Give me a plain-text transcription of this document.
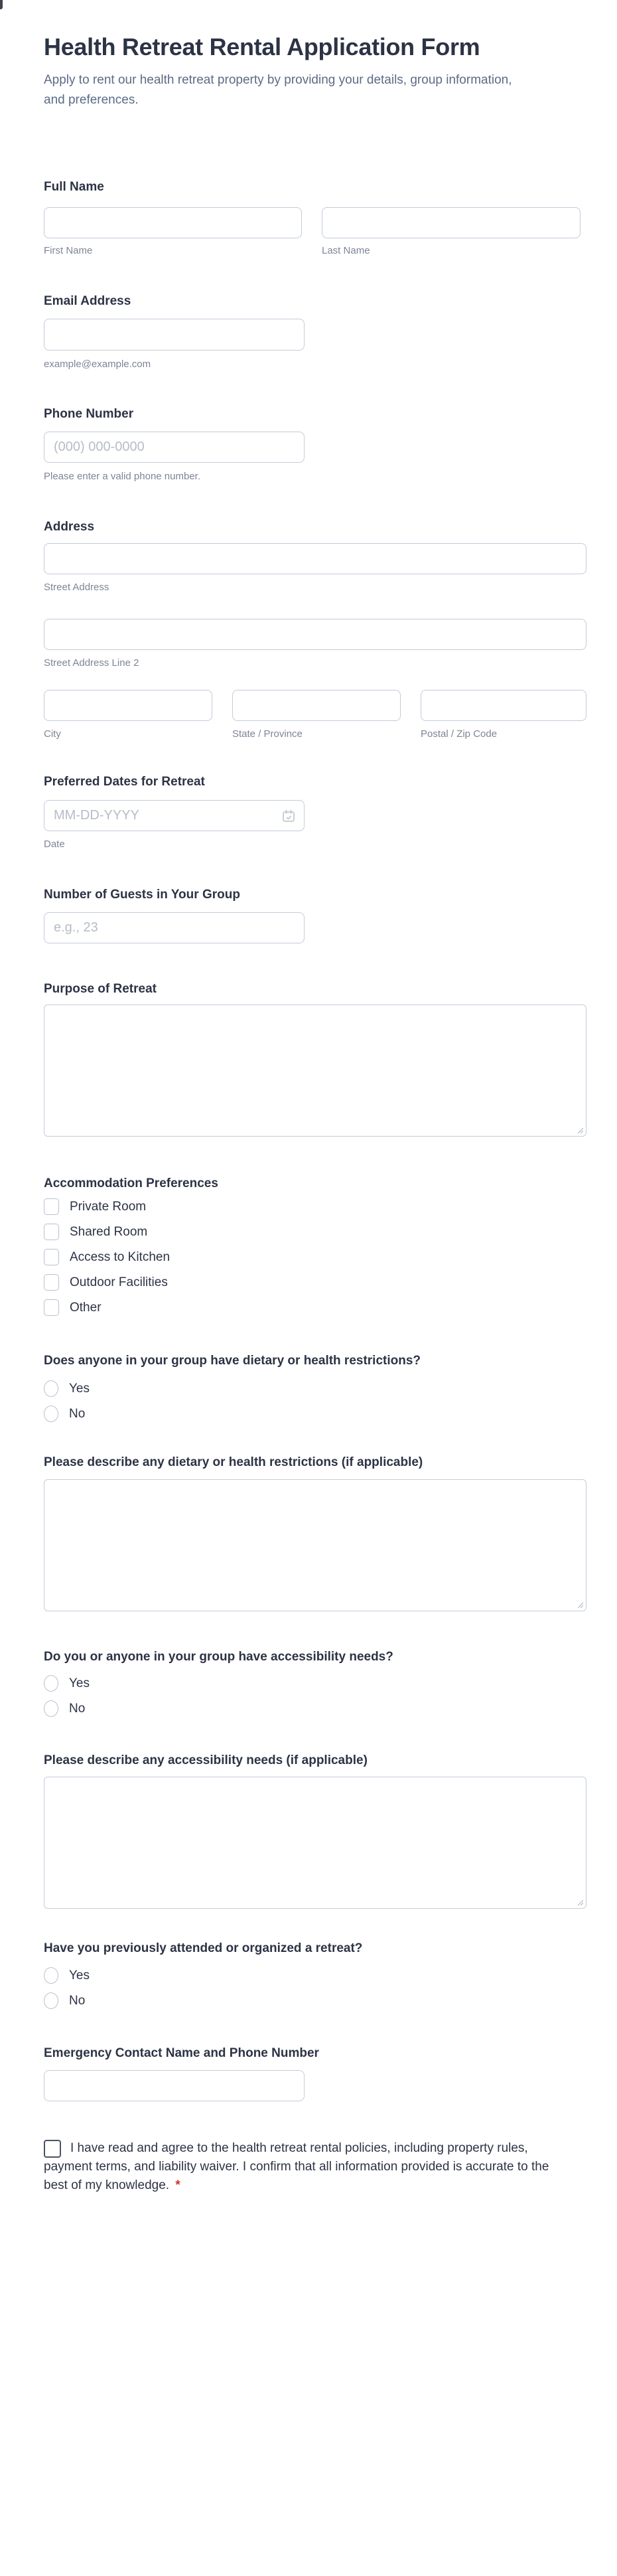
Health Retreat Rental Application Form

Apply to rent our health retreat property by providing your details, group information, and preferences.

Full Name
First Name	Last Name
Email Address
example@example.com
Phone Number
(000) 000-0000
Please enter a valid phone number.
Address
Street Address
Street Address Line 2
City	State / Province	Postal / Zip Code
Preferred Dates for Retreat
MM-DD-YYYY
Date
Number of Guests in Your Group
e.g., 23
Purpose of Retreat
Accommodation Preferences
Private Room
Shared Room
Access to Kitchen
Outdoor Facilities
Other
Does anyone in your group have dietary or health restrictions?
Yes
No
Please describe any dietary or health restrictions (if applicable)
Do you or anyone in your group have accessibility needs?
Yes
No
Please describe any accessibility needs (if applicable)
Have you previously attended or organized a retreat?
Yes
No
Emergency Contact Name and Phone Number
I have read and agree to the health retreat rental policies, including property rules, payment terms, and liability waiver. I confirm that all information provided is accurate to the best of my knowledge. *
